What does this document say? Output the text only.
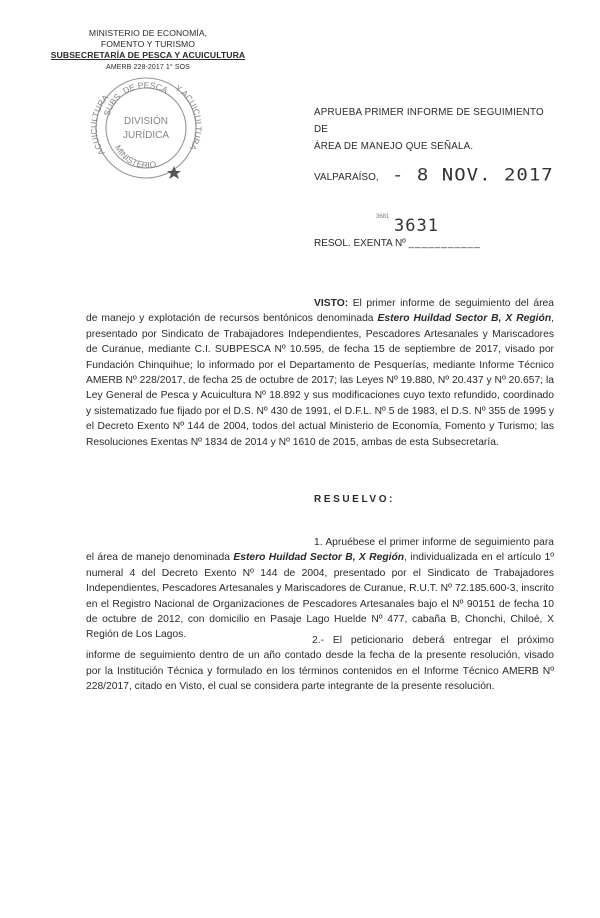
MINISTERIO DE ECONOMÍA,
FOMENTO Y TURISMO
SUBSECRETARÍA DE PESCA Y ACUICULTURA
AMERB 228-2017 1° SOS
SUBS. DE PESCA
ACUICULTURA
Y ACUICULTURA
MINISTERIO
DIVISIÓN
JURÍDICA
APRUEBA PRIMER INFORME DE SEGUIMIENTO DE
ÁREA DE MANEJO QUE SEÑALA.
VALPARAÍSO, - 8 NOV. 2017
3681 3631
RESOL. EXENTA Nº ___________
VISTO: El primer informe de seguimiento del área de manejo y explotación de recursos bentónicos denominada Estero Huildad Sector B, X Región, presentado por Sindicato de Trabajadores Independientes, Pescadores Artesanales y Mariscadores de Curanue, mediante C.I. SUBPESCA Nº 10.595, de fecha 15 de septiembre de 2017, visado por Fundación Chinquihue; lo informado por el Departamento de Pesquerías, mediante Informe Técnico AMERB Nº 228/2017, de fecha 25 de octubre de 2017; las Leyes Nº 19.880, Nº 20.437 y Nº 20.657; la Ley General de Pesca y Acuicultura Nº 18.892 y sus modificaciones cuyo texto refundido, coordinado y sistematizado fue fijado por el D.S. Nº 430 de 1991, el D.F.L. Nº 5 de 1983, el D.S. Nº 355 de 1995 y el Decreto Exento Nº 144 de 2004, todos del actual Ministerio de Economía, Fomento y Turismo; las Resoluciones Exentas Nº 1834 de 2014 y Nº 1610 de 2015, ambas de esta Subsecretaría.
RESUELVO:
1. Apruébese el primer informe de seguimiento para el área de manejo denominada Estero Huildad Sector B, X Región, individualizada en el artículo 1º numeral 4 del Decreto Exento Nº 144 de 2004, presentado por el Sindicato de Trabajadores Independientes, Pescadores Artesanales y Mariscadores de Curanue, R.U.T. Nº 72.185.600-3, inscrito en el Registro Nacional de Organizaciones de Pescadores Artesanales bajo el Nº 90151 de fecha 10 de octubre de 2012, con domicilio en Pasaje Lago Huelde Nº 477, cabaña B, Chonchi, Chiloé, X Región de Los Lagos.
2.- El peticionario deberá entregar el próximo informe de seguimiento dentro de un año contado desde la fecha de la presente resolución, visado por la Institución Técnica y formulado en los términos contenidos en el Informe Técnico AMERB Nº 228/2017, citado en Visto, el cual se considera parte integrante de la presente resolución.
